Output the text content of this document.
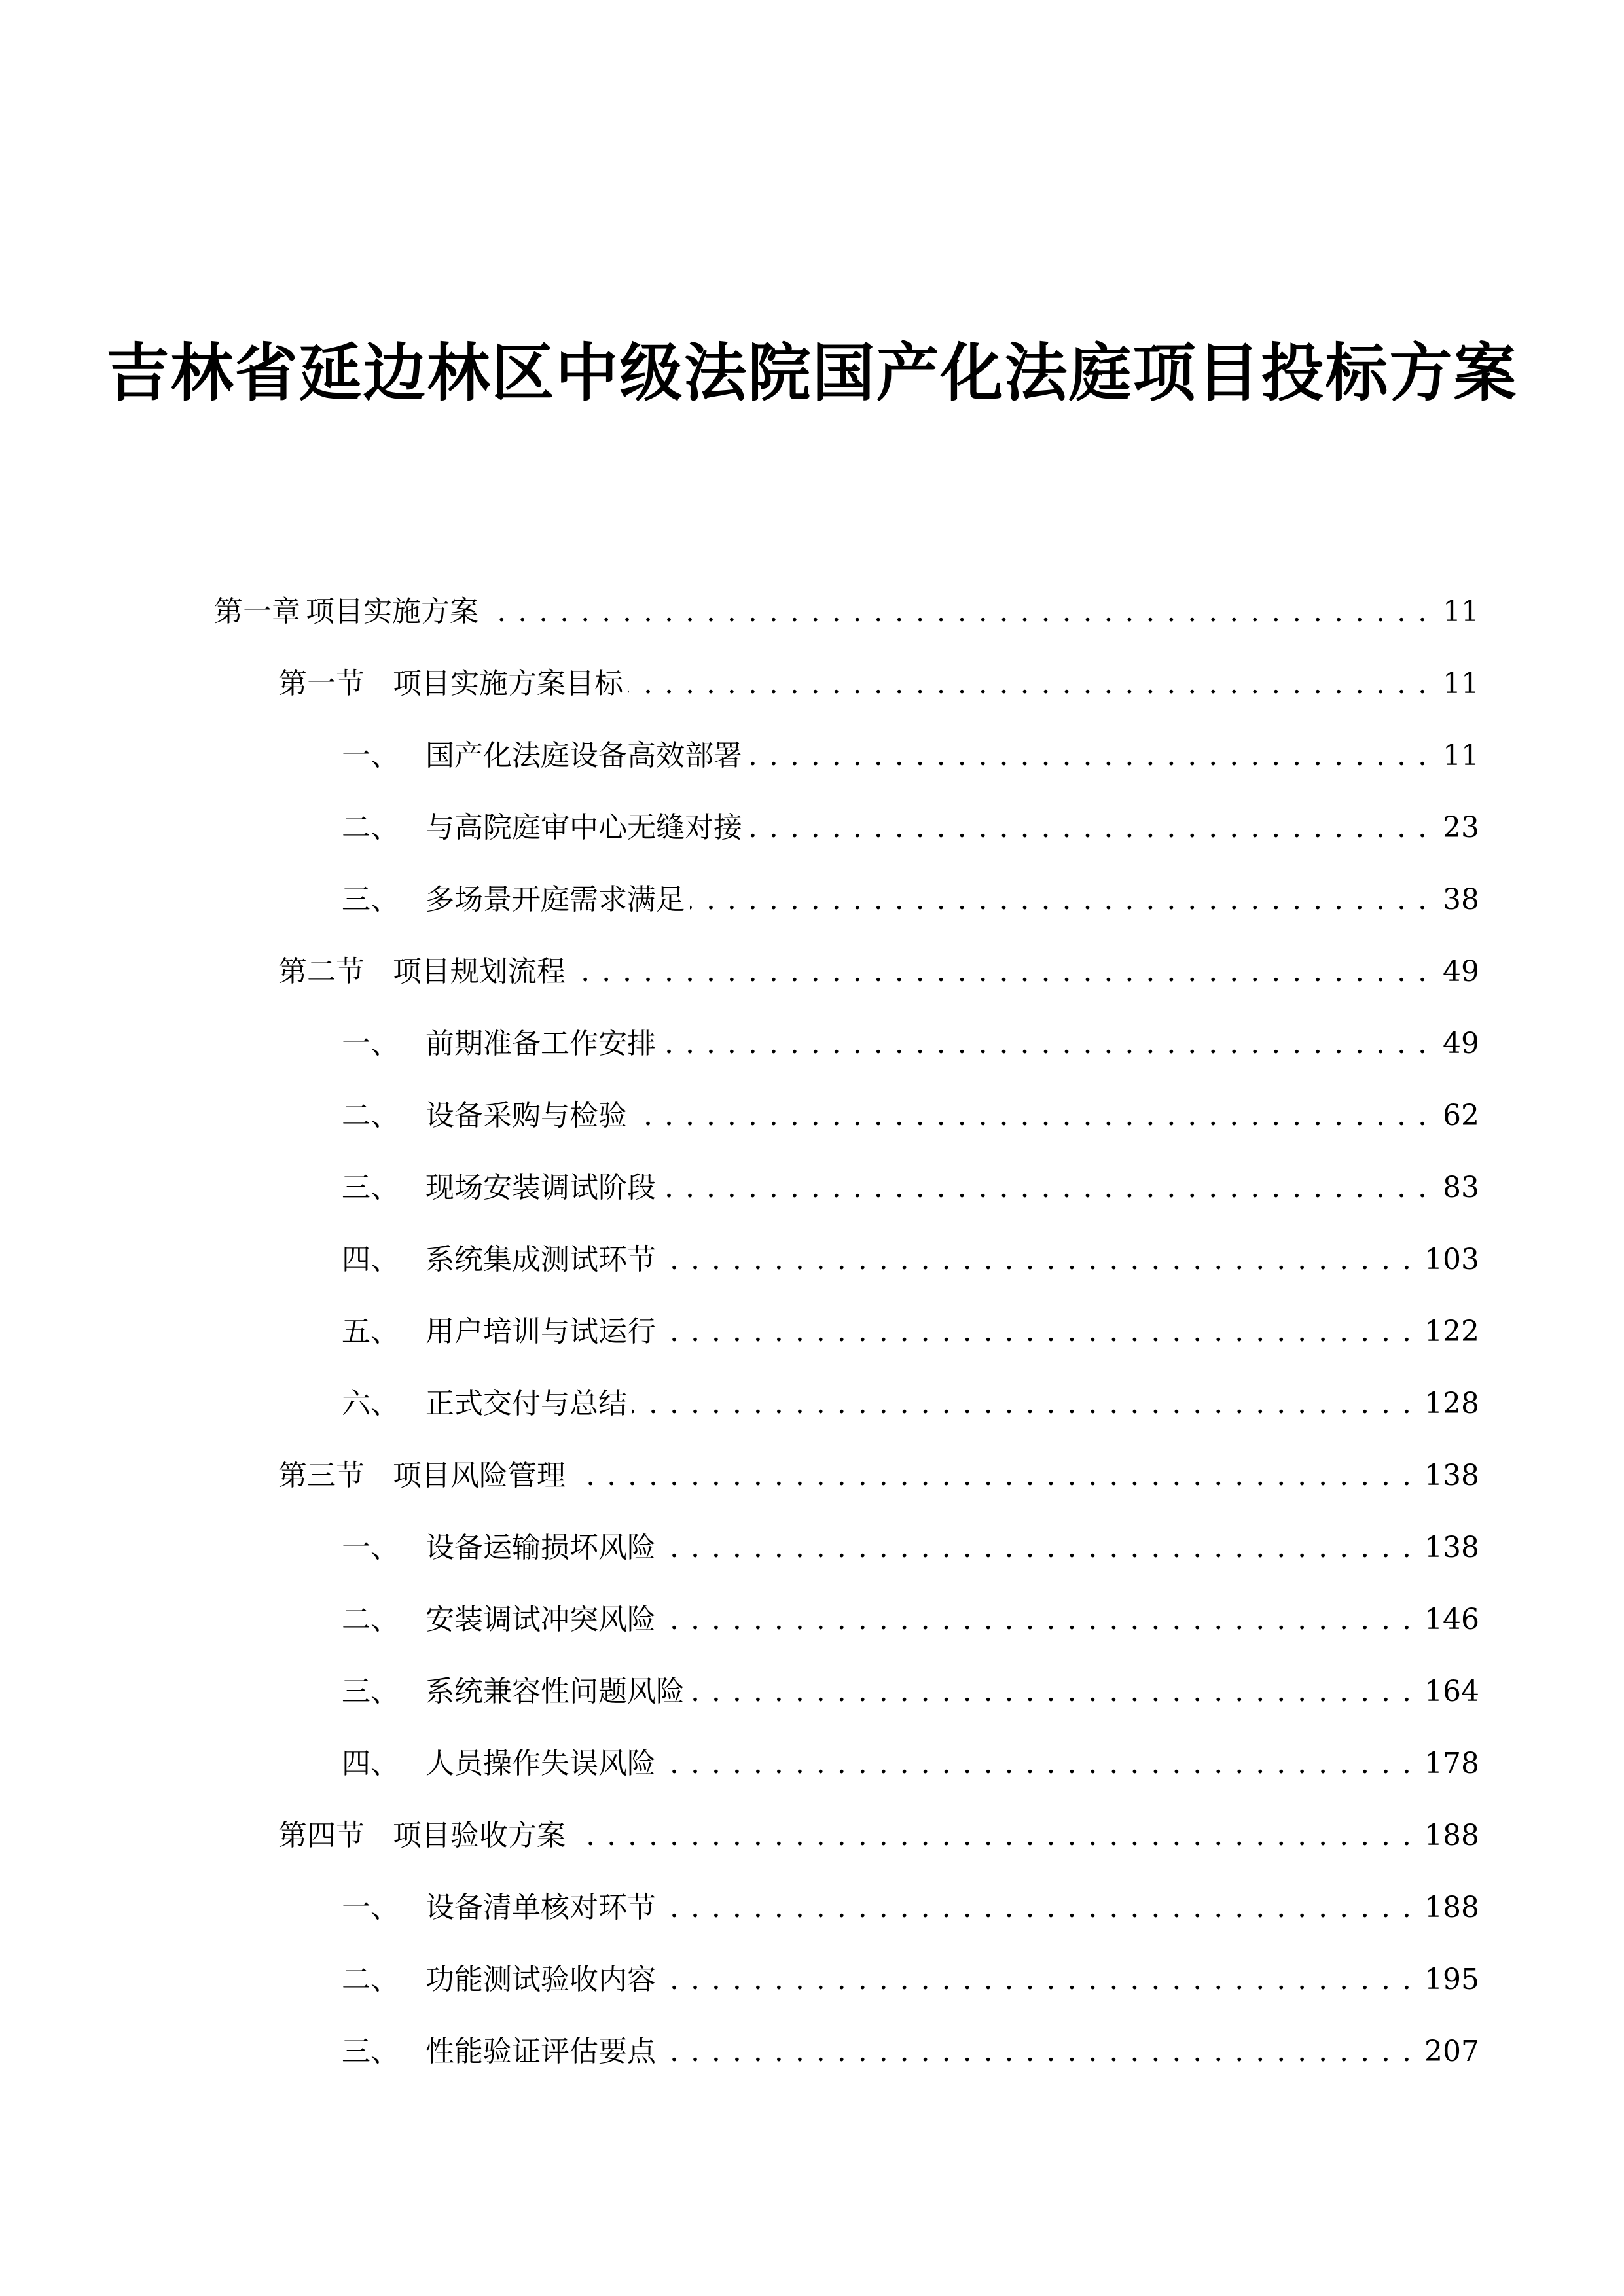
吉林省延边林区中级法院国产化法庭项目投标方案
第一章 项目实施方案 . . .	11
第一节 项目实施方案目标 . . .	11
一、 国产化法庭设备高效部署 . . .	11
二、 与高院庭审中心无缝对接 . . .	23
三、 多场景开庭需求满足 . . .	38
第二节 项目规划流程 . . .	49
一、 前期准备工作安排 . . .	49
二、 设备采购与检验 . . .	62
三、 现场安装调试阶段 . . .	83
四、 系统集成测试环节 . . .	103
五、 用户培训与试运行 . . .	122
六、 正式交付与总结 . . .	128
第三节 项目风险管理 . . .	138
一、 设备运输损坏风险 . . .	138
二、 安装调试冲突风险 . . .	146
三、 系统兼容性问题风险 . . .	164
四、 人员操作失误风险 . . .	178
第四节 项目验收方案 . . .	188
一、 设备清单核对环节 . . .	188
二、 功能测试验收内容 . . .	195
三、 性能验证评估要点 . . .	207
